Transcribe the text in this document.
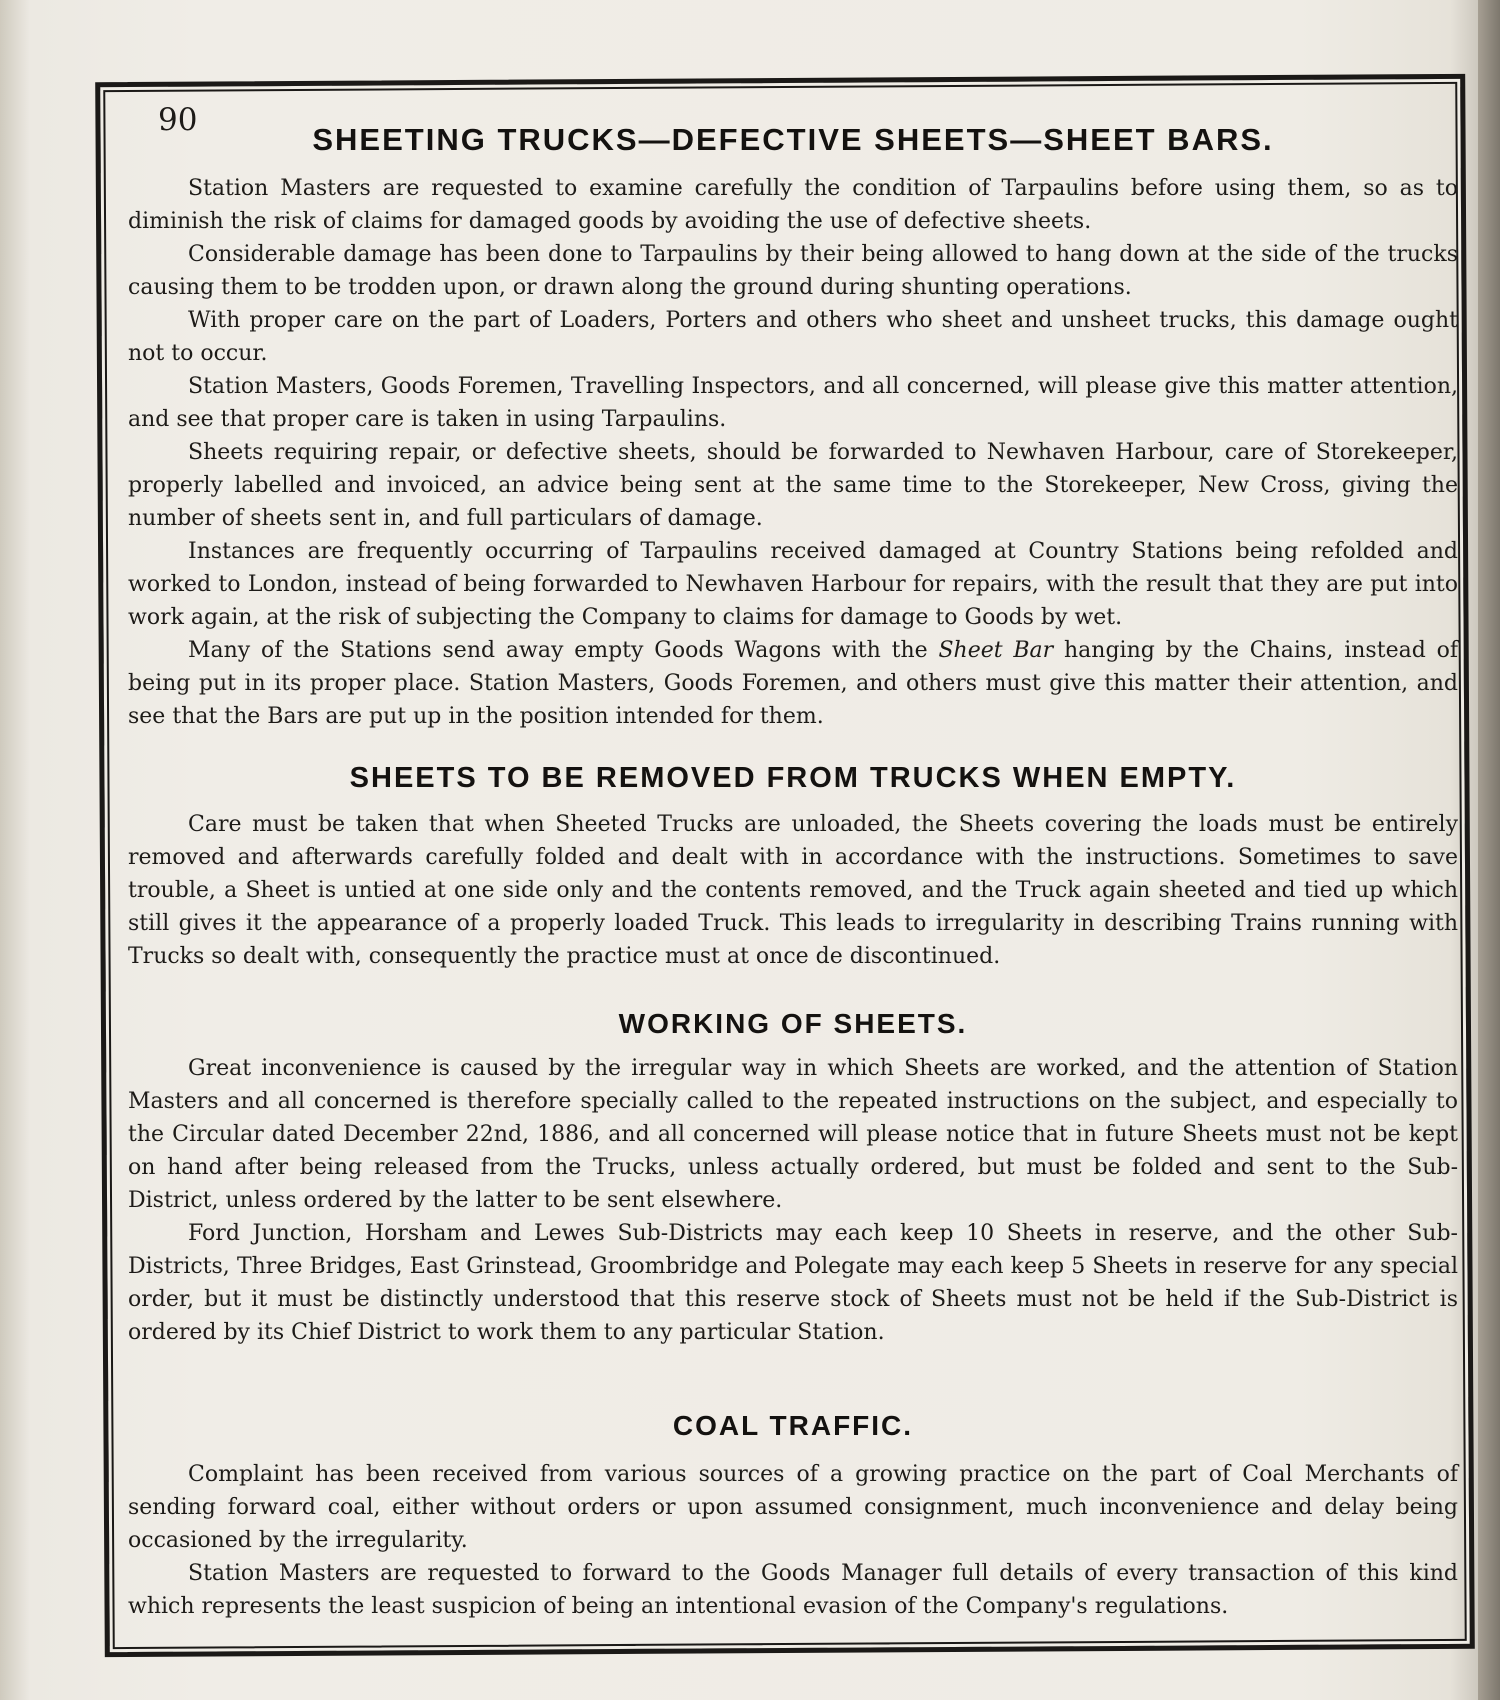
90
SHEETING TRUCKS—DEFECTIVE SHEETS—SHEET BARS.

Station Masters are requested to examine carefully the condition of Tarpaulins before using them, so as to diminish the risk of claims for damaged goods by avoiding the use of defective sheets.

Considerable damage has been done to Tarpaulins by their being allowed to hang down at the side of the trucks causing them to be trodden upon, or drawn along the ground during shunting operations.

With proper care on the part of Loaders, Porters and others who sheet and unsheet trucks, this damage ought not to occur.

Station Masters, Goods Foremen, Travelling Inspectors, and all concerned, will please give this matter attention, and see that proper care is taken in using Tarpaulins.

Sheets requiring repair, or defective sheets, should be forwarded to Newhaven Harbour, care of Storekeeper, properly labelled and invoiced, an advice being sent at the same time to the Storekeeper, New Cross, giving the number of sheets sent in, and full particulars of damage.

Instances are frequently occurring of Tarpaulins received damaged at Country Stations being refolded and worked to London, instead of being forwarded to Newhaven Harbour for repairs, with the result that they are put into work again, at the risk of subjecting the Company to claims for damage to Goods by wet.

Many of the Stations send away empty Goods Wagons with the Sheet Bar hanging by the Chains, instead of being put in its proper place. Station Masters, Goods Foremen, and others must give this matter their attention, and see that the Bars are put up in the position intended for them.

SHEETS TO BE REMOVED FROM TRUCKS WHEN EMPTY.

Care must be taken that when Sheeted Trucks are unloaded, the Sheets covering the loads must be entirely removed and afterwards carefully folded and dealt with in accordance with the instructions. Sometimes to save trouble, a Sheet is untied at one side only and the contents removed, and the Truck again sheeted and tied up which still gives it the appearance of a properly loaded Truck. This leads to irregularity in describing Trains running with Trucks so dealt with, consequently the practice must at once de discontinued.

WORKING OF SHEETS.

Great inconvenience is caused by the irregular way in which Sheets are worked, and the attention of Station Masters and all concerned is therefore specially called to the repeated instructions on the subject, and especially to the Circular dated December 22nd, 1886, and all concerned will please notice that in future Sheets must not be kept on hand after being released from the Trucks, unless actually ordered, but must be folded and sent to the Sub-District, unless ordered by the latter to be sent elsewhere.

Ford Junction, Horsham and Lewes Sub-Districts may each keep 10 Sheets in reserve, and the other Sub-Districts, Three Bridges, East Grinstead, Groombridge and Polegate may each keep 5 Sheets in reserve for any special order, but it must be distinctly understood that this reserve stock of Sheets must not be held if the Sub-District is ordered by its Chief District to work them to any particular Station.

COAL TRAFFIC.

Complaint has been received from various sources of a growing practice on the part of Coal Merchants of sending forward coal, either without orders or upon assumed consignment, much inconvenience and delay being occasioned by the irregularity.

Station Masters are requested to forward to the Goods Manager full details of every transaction of this kind which represents the least suspicion of being an intentional evasion of the Company's regulations.
